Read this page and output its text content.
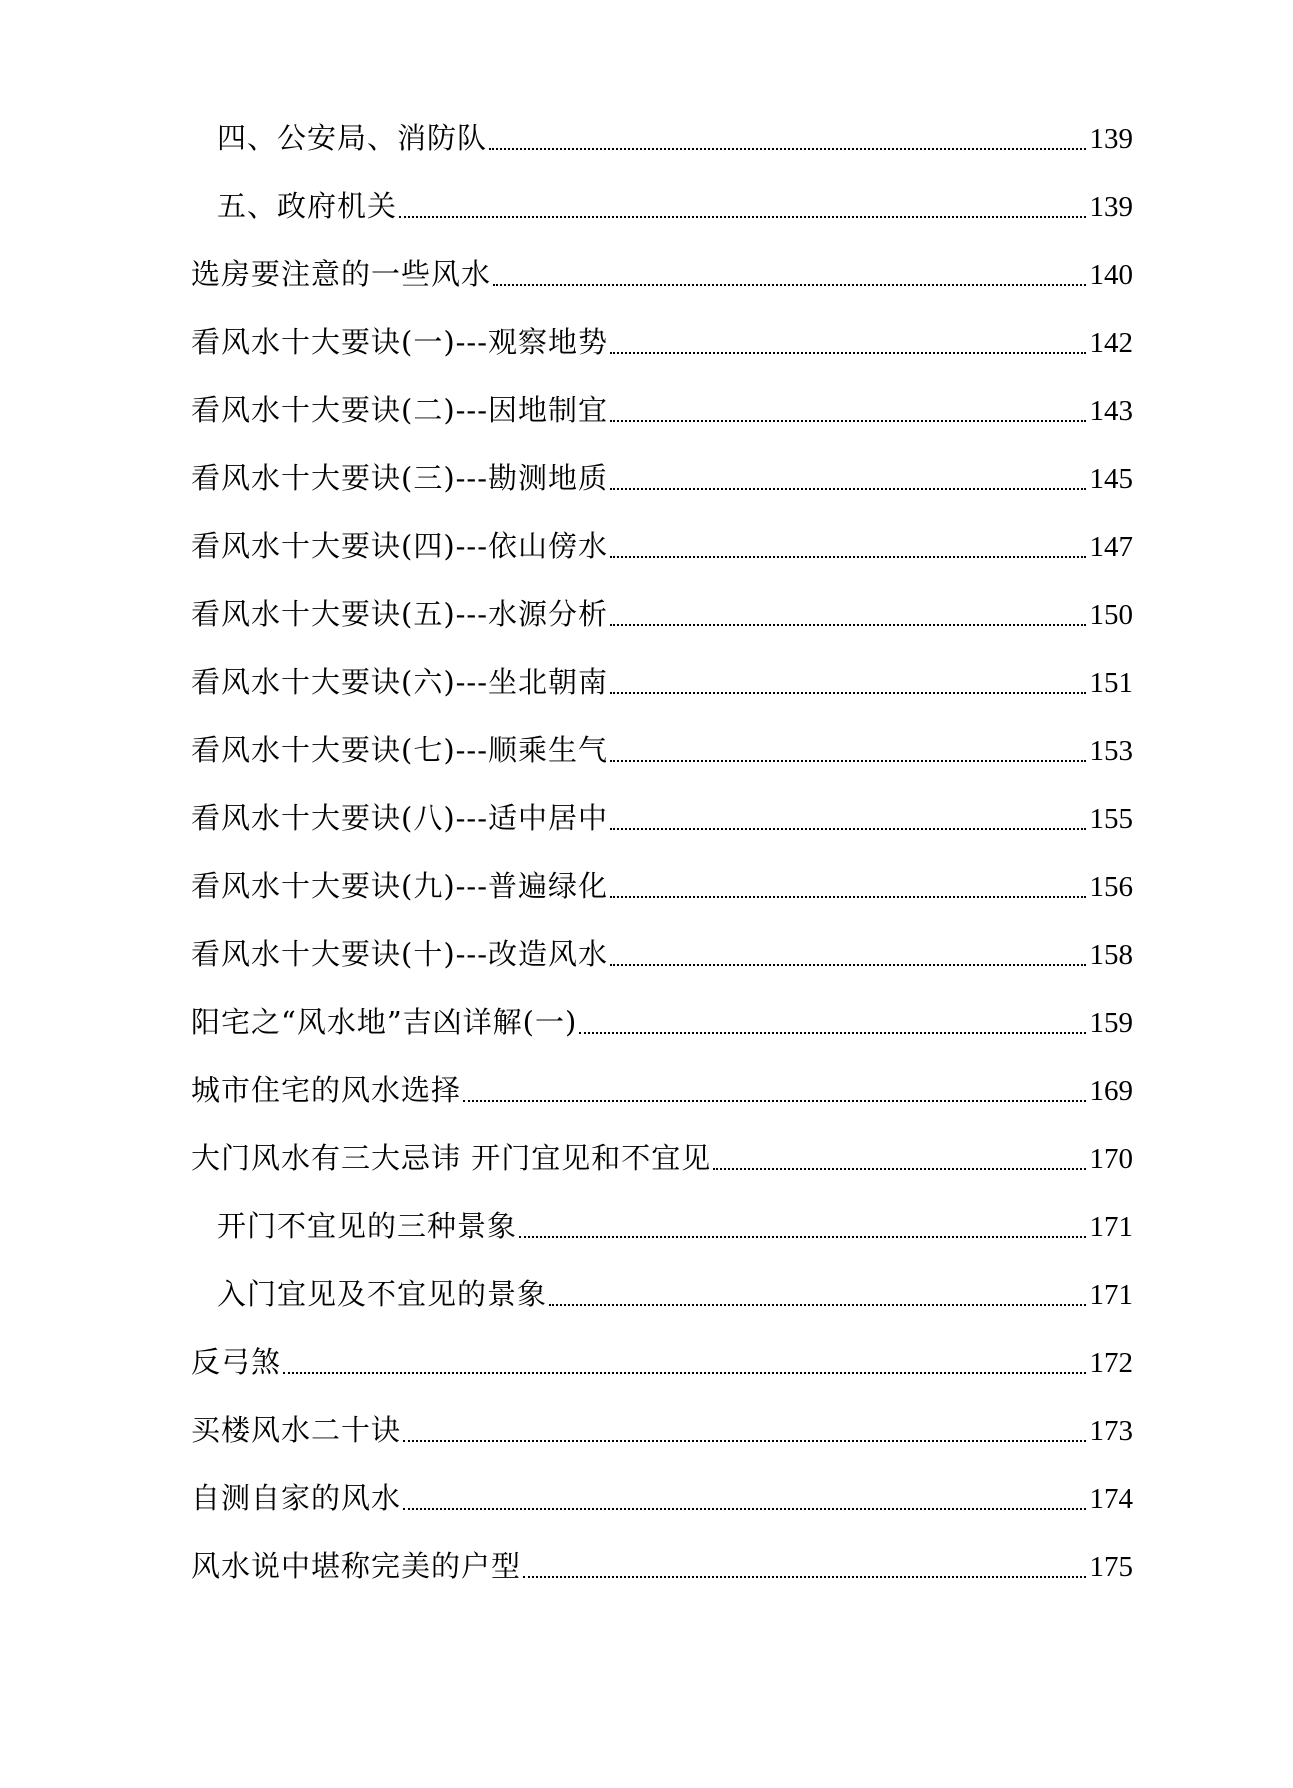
四、公安局、消防队	139
五、政府机关	139
选房要注意的一些风水	140
看风水十大要诀(一)---观察地势	142
看风水十大要诀(二)---因地制宜	143
看风水十大要诀(三)---勘测地质	145
看风水十大要诀(四)---依山傍水	147
看风水十大要诀(五)---水源分析	150
看风水十大要诀(六)---坐北朝南	151
看风水十大要诀(七)---顺乘生气	153
看风水十大要诀(八)---适中居中	155
看风水十大要诀(九)---普遍绿化	156
看风水十大要诀(十)---改造风水	158
阳宅之“风水地”吉凶详解(一)	159
城市住宅的风水选择	169
大门风水有三大忌讳 开门宜见和不宜见	170
开门不宜见的三种景象	171
入门宜见及不宜见的景象	171
反弓煞	172
买楼风水二十诀	173
自测自家的风水	174
风水说中堪称完美的户型	175
